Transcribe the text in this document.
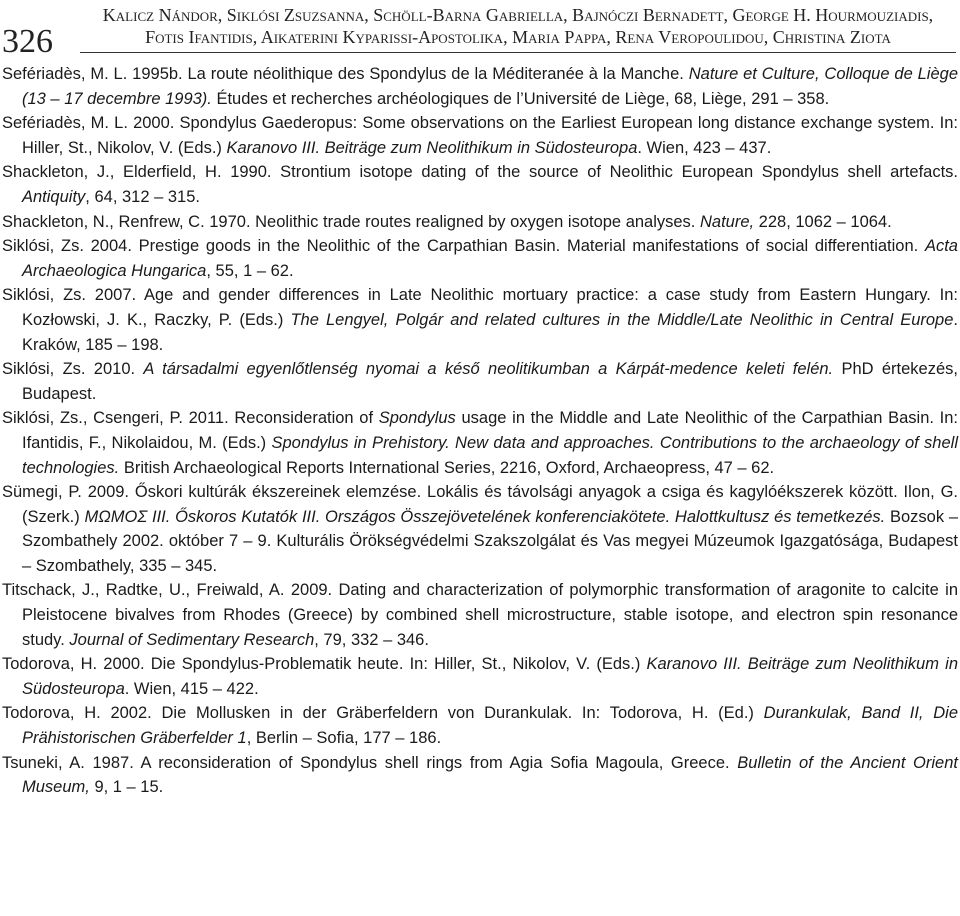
326
Kalicz Nándor, Siklósi Zsuzsanna, Schöll-Barna Gabriella, Bajnóczi Bernadett, George H. Hourmouziadis,
Fotis Ifantidis, Aikaterini Kyparissi-Apostolika, Maria Pappa, Rena Veropoulidou, Christina Ziota

Sefériadès, M. L. 1995b. La route néolithique des Spondylus de la Méditeranée à la Manche. Nature et Culture, Colloque de Liège (13 – 17 decembre 1993). Études et recherches archéologiques de l’Université de Liège, 68, Liège, 291 – 358.

Sefériadès, M. L. 2000. Spondylus Gaederopus: Some observations on the Earliest European long distance exchange system. In: Hiller, St., Nikolov, V. (Eds.) Karanovo III. Beiträge zum Neolithikum in Südosteuropa. Wien, 423 – 437.

Shackleton, J., Elderfield, H. 1990. Strontium isotope dating of the source of Neolithic European Spondylus shell artefacts. Antiquity, 64, 312 – 315.

Shackleton, N., Renfrew, C. 1970. Neolithic trade routes realigned by oxygen isotope analyses. Nature, 228, 1062 – 1064.

Siklósi, Zs. 2004. Prestige goods in the Neolithic of the Carpathian Basin. Material manifestations of social differentiation. Acta Archaeologica Hungarica, 55, 1 – 62.

Siklósi, Zs. 2007. Age and gender differences in Late Neolithic mortuary practice: a case study from Eastern Hungary. In: Kozłowski, J. K., Raczky, P. (Eds.) The Lengyel, Polgár and related cultures in the Middle/Late Neolithic in Central Europe. Kraków, 185 – 198.

Siklósi, Zs. 2010. A társadalmi egyenlőtlenség nyomai a késő neolitikumban a Kárpát-medence keleti felén. PhD értekezés, Budapest.

Siklósi, Zs., Csengeri, P. 2011. Reconsideration of Spondylus usage in the Middle and Late Neolithic of the Carpathian Basin. In: Ifantidis, F., Nikolaidou, M. (Eds.) Spondylus in Prehistory. New data and approaches. Contributions to the archaeology of shell technologies. British Archaeological Reports International Series, 2216, Oxford, Archaeopress, 47 – 62.

Sümegi, P. 2009. Őskori kultúrák ékszereinek elemzése. Lokális és távolsági anyagok a csiga és kagylóékszerek között. Ilon, G. (Szerk.) MΩMOΣ III. Őskoros Kutatók III. Országos Összejövetelének konferenciakötete. Halottkultusz és temetkezés. Bozsok – Szombathely 2002. október 7 – 9. Kulturális Örökségvédelmi Szakszolgálat és Vas megyei Múzeumok Igazgatósága, Budapest – Szombathely, 335 – 345.

Titschack, J., Radtke, U., Freiwald, A. 2009. Dating and characterization of polymorphic transformation of aragonite to calcite in Pleistocene bivalves from Rhodes (Greece) by combined shell microstructure, stable isotope, and electron spin resonance study. Journal of Sedimentary Research, 79, 332 – 346.

Todorova, H. 2000. Die Spondylus-Problematik heute. In: Hiller, St., Nikolov, V. (Eds.) Karanovo III. Beiträge zum Neolithikum in Südosteuropa. Wien, 415 – 422.

Todorova, H. 2002. Die Mollusken in der Gräberfeldern von Durankulak. In: Todorova, H. (Ed.) Durankulak, Band II, Die Prähistorischen Gräberfelder 1, Berlin – Sofia, 177 – 186.

Tsuneki, A. 1987. A reconsideration of Spondylus shell rings from Agia Sofia Magoula, Greece. Bulletin of the Ancient Orient Museum, 9, 1 – 15.
